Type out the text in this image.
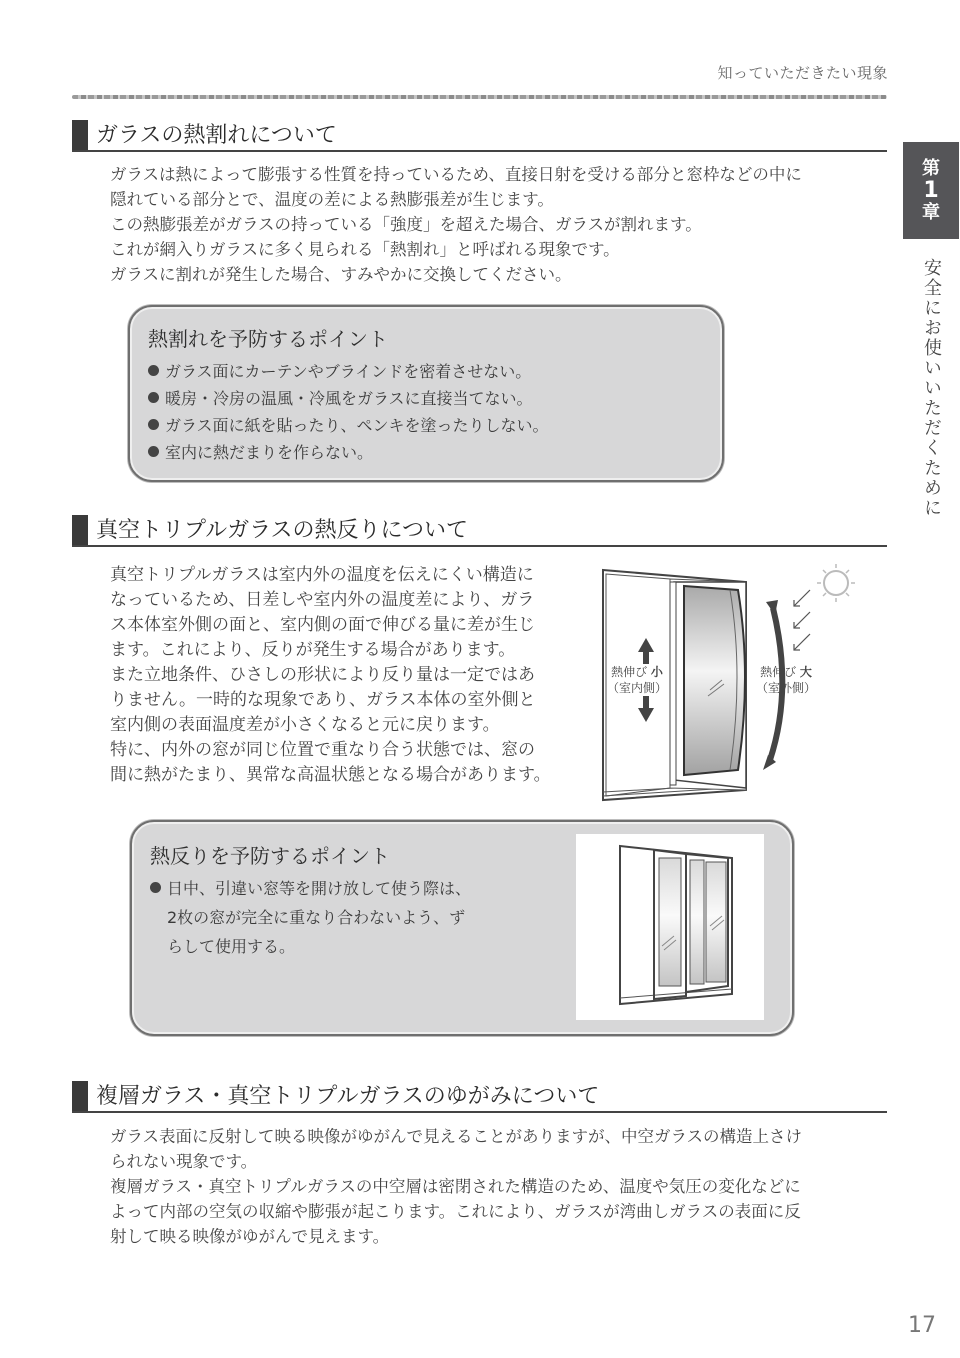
知っていただきたい現象
第
1
章
安全にお使いいただくために
ガラスの熱割れについて

ガラスは熱によって膨張する性質を持っているため、直接日射を受ける部分と窓枠などの中に

隠れている部分とで、温度の差による熱膨張差が生じます。

この熱膨張差がガラスの持っている「強度」を超えた場合、ガラスが割れます。

これが網入りガラスに多く見られる「熱割れ」と呼ばれる現象です。

ガラスに割れが発生した場合、すみやかに交換してください。

熱割れを予防するポイント
ガラス面にカーテンやブラインドを密着させない。
暖房・冷房の温風・冷風をガラスに直接当てない。
ガラス面に紙を貼ったり、ペンキを塗ったりしない。
室内に熱だまりを作らない。
真空トリプルガラスの熱反りについて

真空トリプルガラスは室内外の温度を伝えにくい構造に

なっているため、日差しや室内外の温度差により、ガラ

ス本体室外側の面と、室内側の面で伸びる量に差が生じ

ます。これにより、反りが発生する場合があります。

また立地条件、ひさしの形状により反り量は一定ではあ

りません。一時的な現象であり、ガラス本体の室外側と

室内側の表面温度差が小さくなると元に戻ります。

特に、内外の窓が同じ位置で重なり合う状態では、窓の

間に熱がたまり、異常な高温状態となる場合があります。

熱伸び 小
（室内側）
熱伸び 大
（室外側）
熱反りを予防するポイント
日中、引違い窓等を開け放して使う際は、
2枚の窓が完全に重なり合わないよう、ず
らして使用する。
複層ガラス・真空トリプルガラスのゆがみについて

ガラス表面に反射して映る映像がゆがんで見えることがありますが、中空ガラスの構造上さけ

られない現象です。

複層ガラス・真空トリプルガラスの中空層は密閉された構造のため、温度や気圧の変化などに

よって内部の空気の収縮や膨張が起こります。これにより、ガラスが湾曲しガラスの表面に反

射して映る映像がゆがんで見えます。

17
